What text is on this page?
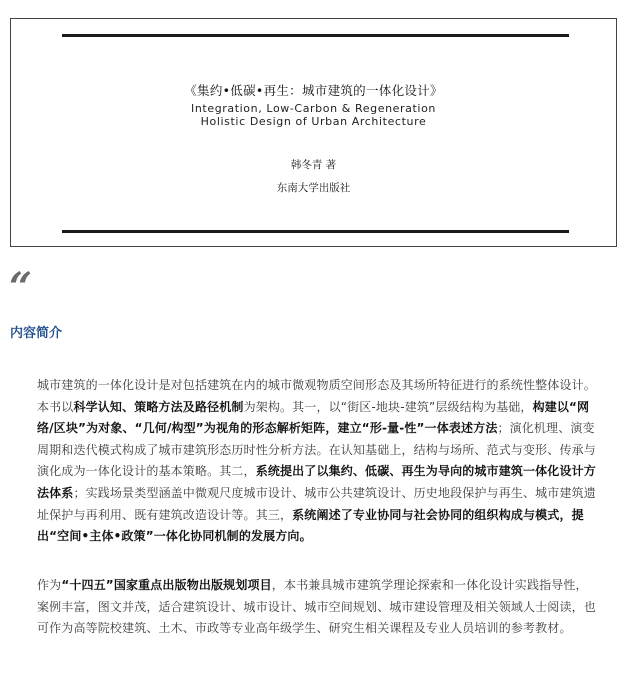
《集约•低碳•再生：城市建筑的一体化设计》
Integration, Low-Carbon & Regeneration
Holistic Design of Urban Architecture
韩冬青 著
东南大学出版社
“
内容简介

城市建筑的一体化设计是对包括建筑在内的城市微观物质空间形态及其场所特征进行的系统性整体设计。本书以科学认知、策略方法及路径机制为架构。其一，以“街区-地块-建筑”层级结构为基础，构建以“网络/区块”为对象、“几何/构型”为视角的形态解析矩阵，建立“形-量-性”一体表述方法；演化机理、演变周期和迭代模式构成了城市建筑形态历时性分析方法。在认知基础上，结构与场所、范式与变形、传承与演化成为一体化设计的基本策略。其二，系统提出了以集约、低碳、再生为导向的城市建筑一体化设计方法体系；实践场景类型涵盖中微观尺度城市设计、城市公共建筑设计、历史地段保护与再生、城市建筑遗址保护与再利用、既有建筑改造设计等。其三，系统阐述了专业协同与社会协同的组织构成与模式，提出“空间•主体•政策”一体化协同机制的发展方向。

作为“十四五”国家重点出版物出版规划项目，本书兼具城市建筑学理论探索和一体化设计实践指导性，案例丰富，图文并茂，适合建筑设计、城市设计、城市空间规划、城市建设管理及相关领域人士阅读，也可作为高等院校建筑、土木、市政等专业高年级学生、研究生相关课程及专业人员培训的参考教材。
